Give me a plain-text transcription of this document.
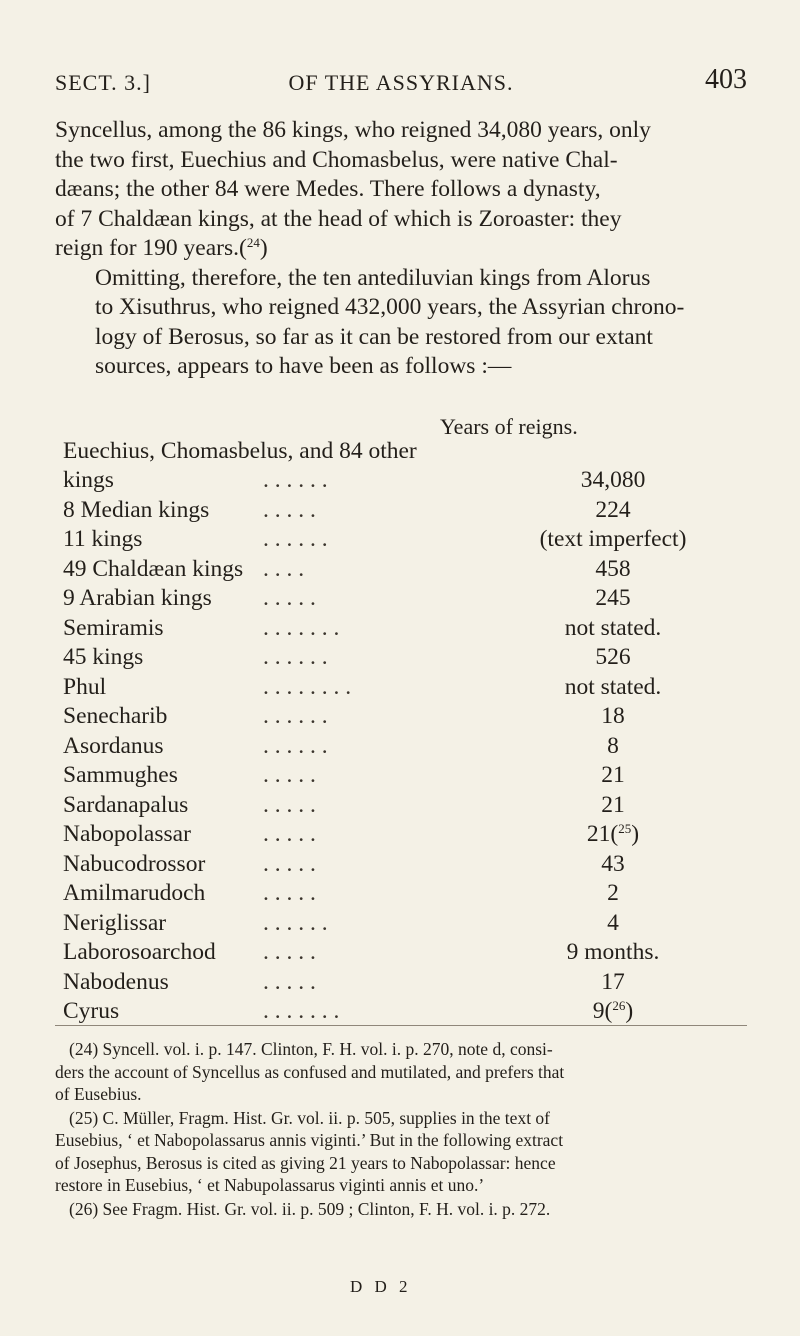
SECT. 3.]	OF THE ASSYRIANS.	403

Syncellus, among the 86 kings, who reigned 34,080 years, only
the two first, Euechius and Chomasbelus, were native Chal-
dæans; the other 84 were Medes. There follows a dynasty,
of 7 Chaldæan kings, at the head of which is Zoroaster: they
reign for 190 years.($^{24}$)

Omitting, therefore, the ten antediluvian kings from Alorus
to Xisuthrus, who reigned 432,000 years, the Assyrian chrono-
logy of Berosus, so far as it can be restored from our extant
sources, appears to have been as follows :—

Years of reigns.
Euechius, Chomasbelus, and 84 other
kings	. . . . . .	34,080
8 Median kings . . . . .	224
11 kings	. . . . . .	(text imperfect)
49 Chaldæan kings . . . .	458
9 Arabian kings . . . . .	245
Semiramis	. . . . . . .	not stated.
45 kings	. . . . . .	526
Phul	. . . . . . . .	not stated.
Senecharib	. . . . . .	18
Asordanus	. . . . . .	8
Sammughes	. . . . .	21
Sardanapalus	. . . . .	21
Nabopolassar	. . . . .	21($^{25}$)
Nabucodrossor . . . . .	43
Amilmarudoch . . . . .	2
Neriglissar	. . . . . .	4
Laborosoarchod . . . . .	9 months.
Nabodenus	. . . . .	17
Cyrus	. . . . . . .	9($^{26}$)
(24) Syncell. vol. i. p. 147. Clinton, F. H. vol. i. p. 270, note d, consi-
ders the account of Syncellus as confused and mutilated, and prefers that
of Eusebius.
(25) C. Müller, Fragm. Hist. Gr. vol. ii. p. 505, supplies in the text of
Eusebius, ‘ et Nabopolassarus annis viginti.’ But in the following extract
of Josephus, Berosus is cited as giving 21 years to Nabopolassar: hence
restore in Eusebius, ‘ et Nabupolassarus viginti annis et uno.’
(26) See Fragm. Hist. Gr. vol. ii. p. 509 ; Clinton, F. H. vol. i. p. 272.
D D 2
